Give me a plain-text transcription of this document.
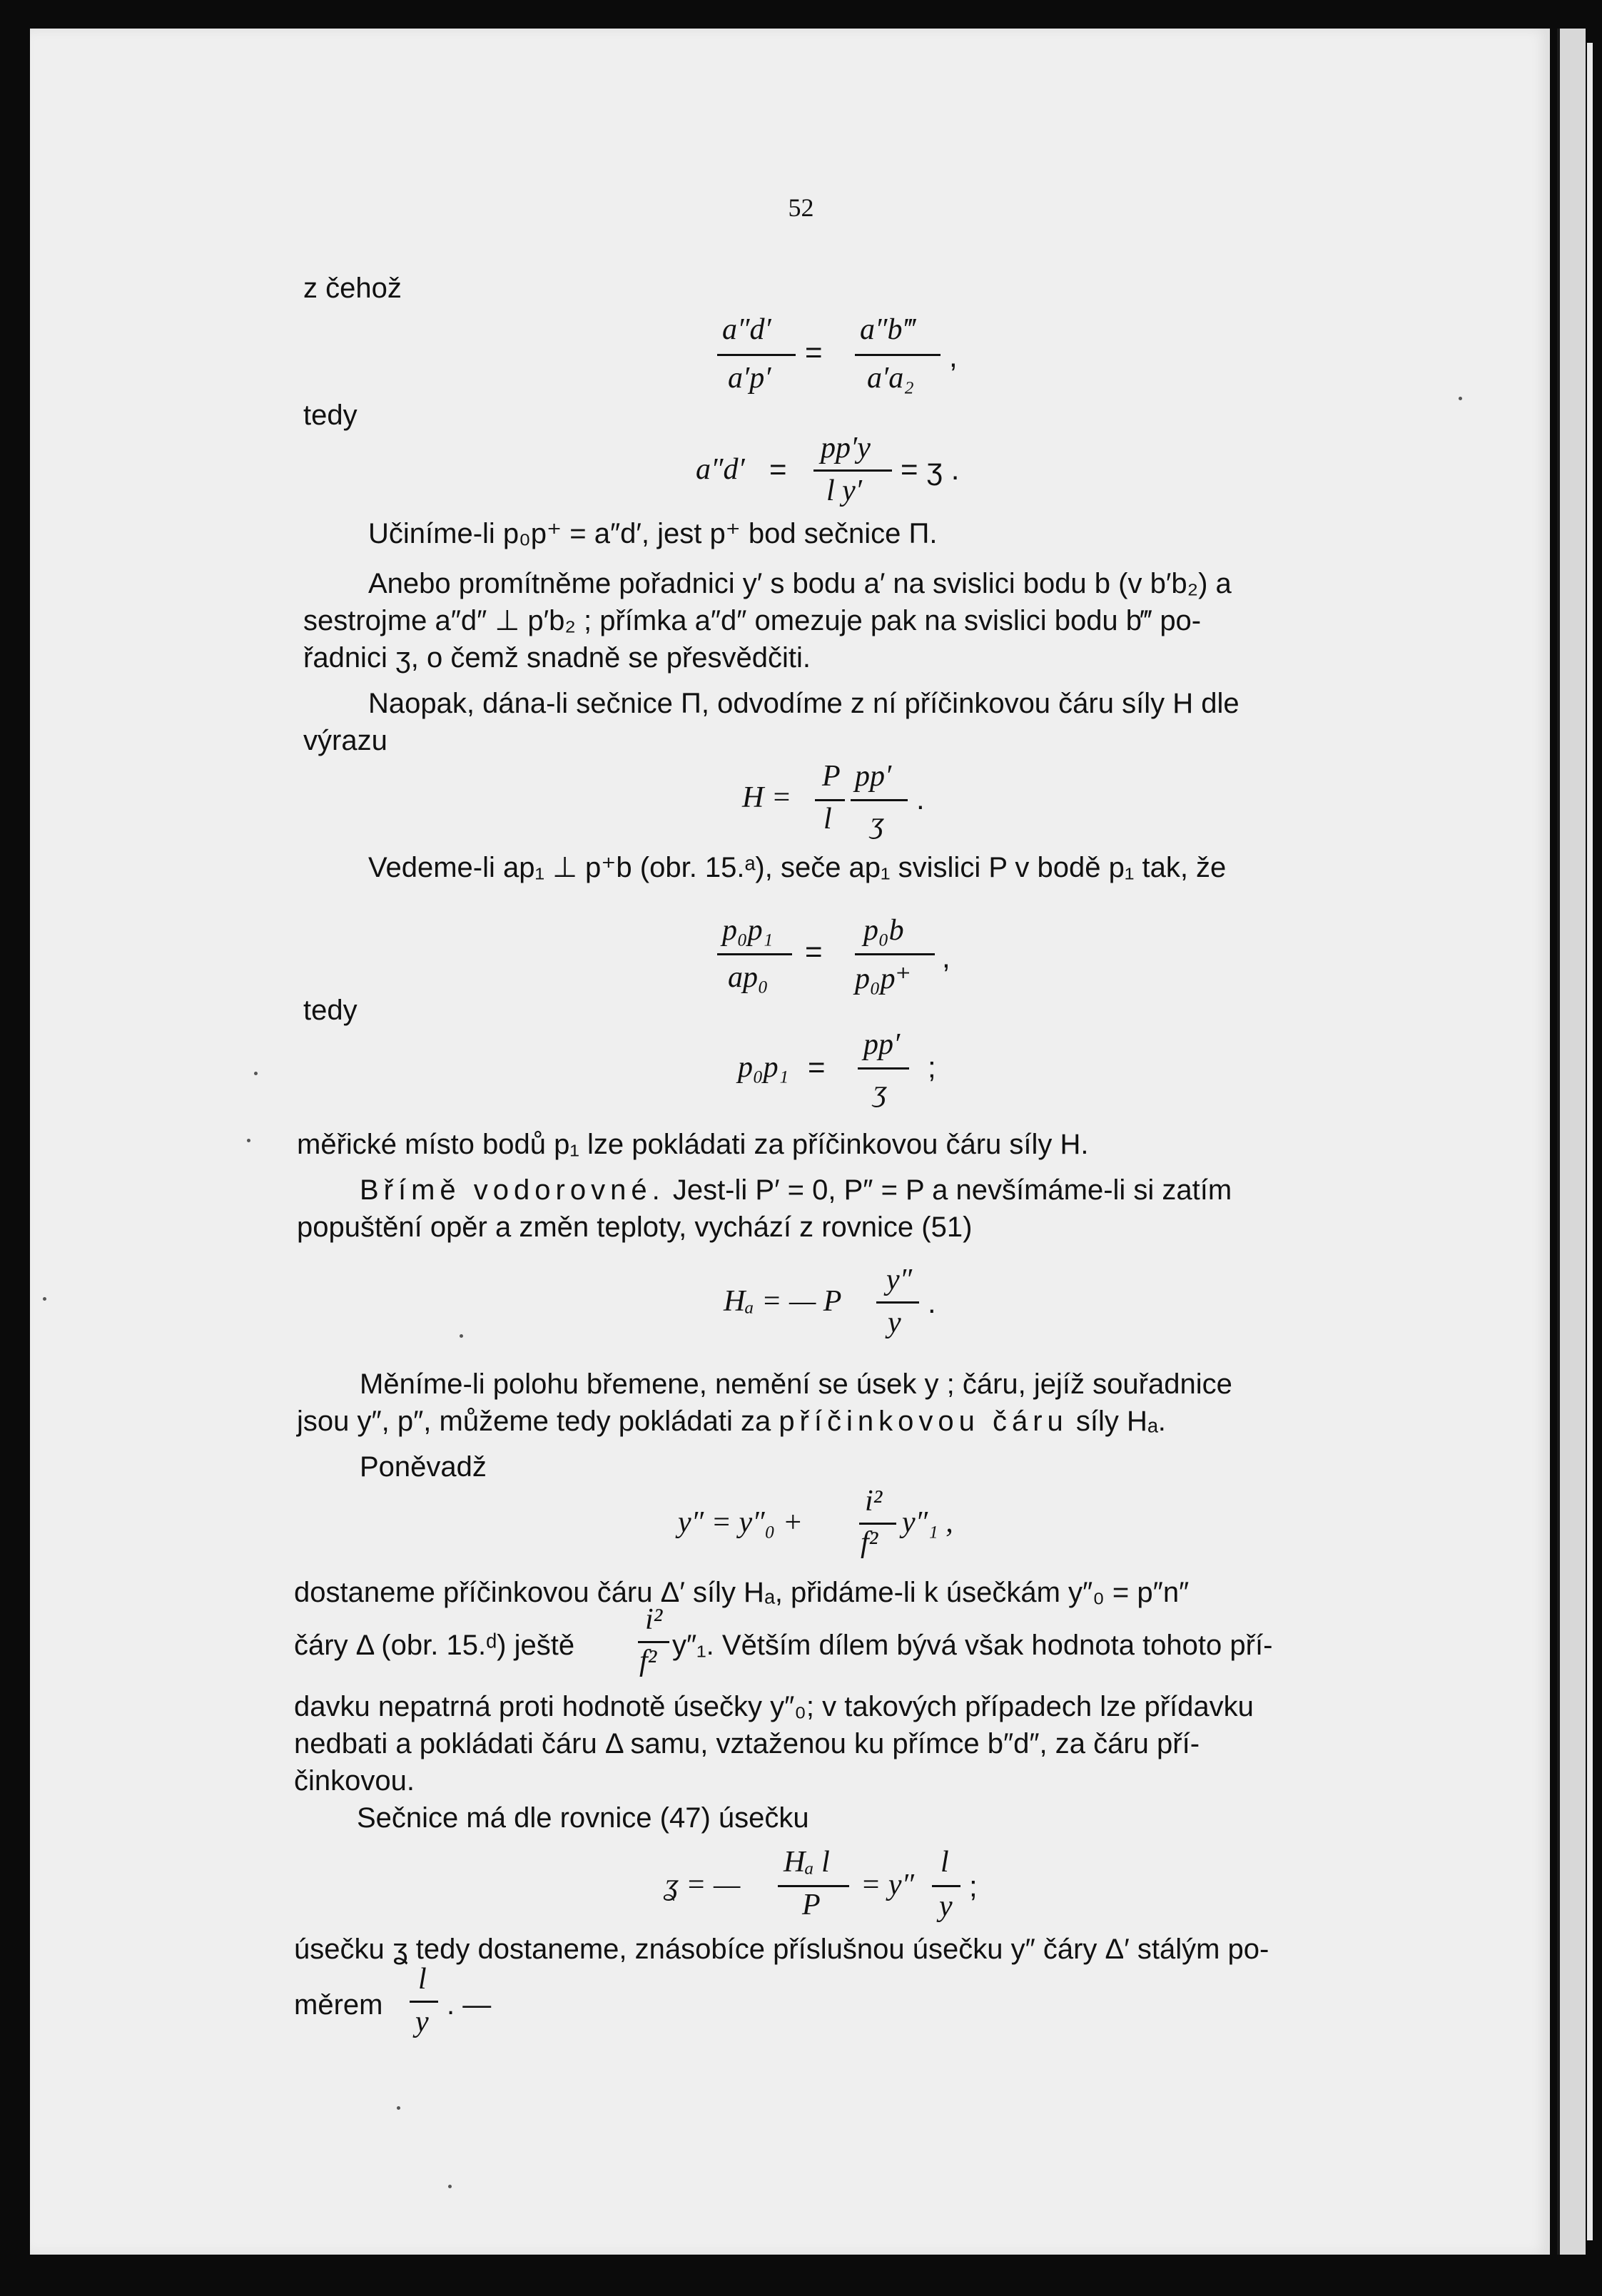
52
z čehož
a″d′
a′p′
=
a″b‴
a′a₂
,
tedy
a″d′ =
pp′y
l y′
= ʒ .
Učiníme-li p₀p⁺ = a″d′, jest p⁺ bod sečnice Π.
Anebo promítněme pořadnici y′ s bodu a′ na svislici bodu b (v b′b₂) a
sestrojme a″d″ ⊥ p′b₂ ; přímka a″d″ omezuje pak na svislici bodu b‴ po-
řadnici ʒ, o čemž snadně se přesvědčiti.
Naopak, dána-li sečnice Π, odvodíme z ní příčinkovou čáru síly H dle
výrazu
H =
P
l
pp′
ʒ
.
Vedeme-li ap₁ ⊥ p⁺b (obr. 15.ᵃ), seče ap₁ svislici P v bodě p₁ tak, že
p₀p₁
ap₀
=
p₀b
p₀p⁺
,
tedy
p₀p₁ =
pp′
ʒ
;
měřické místo bodů p₁ lze pokládati za příčinkovou čáru síly H.
Břímě vodorovné. Jest-li P′ = 0, P″ = P a nevšímáme-li si zatím
popuštění opěr a změn teploty, vychází z rovnice (51)
Hₐ = — P
y″
y
.
Měníme-li polohu břemene, nemění se úsek y ; čáru, jejíž souřadnice
jsou y″, p″, můžeme tedy pokládati za příčinkovou čáru síly Hₐ.
Poněvadž
y″ = y″₀ +
i²
f²
y″₁ ,
dostaneme příčinkovou čáru Δ′ síly Hₐ, přidáme-li k úsečkám y″₀ = p″n″
čáry Δ (obr. 15.ᵈ) ještě
i²
f² y″₁. Větším dílem bývá však hodnota tohoto pří-
davku nepatrná proti hodnotě úsečky y″₀; v takových případech lze přídavku
nedbati a pokládati čáru Δ samu, vztaženou ku přímce b″d″, za čáru pří-
činkovou.
Sečnice má dle rovnice (47) úsečku
ʓ = —
Hₐ l
P
= y″
l
y
;
úsečku ʓ tedy dostaneme, znásobíce příslušnou úsečku y″ čáry Δ′ stálým po-
měrem
l
y
. —
